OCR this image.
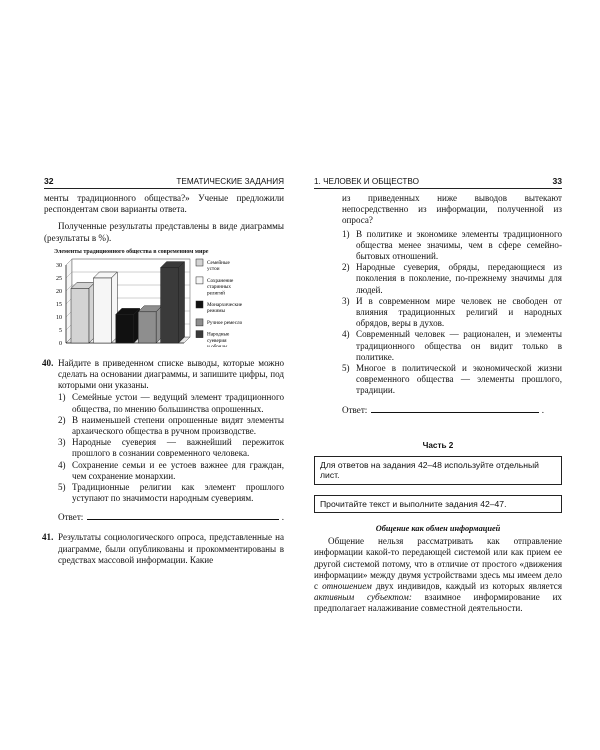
32	ТЕМАТИЧЕСКИЕ ЗАДАНИЯ

менты традиционного общества?» Ученые предложили респондентам свои варианты ответа.

Полученные результаты представлены в виде диаграммы (результаты в %).

Элементы традиционного общества в современном мире
0
5
10
15
20
25
30	Семейные устои
Сохранение старинных религий
Монархические режимы
Ручное ремесло
Народные суеверия и обряды
40. Найдите в приведенном списке выводы, которые можно сделать на основании диаграммы, и запишите цифры, под которыми они указаны.

1) Семейные устои — ведущий элемент традиционного общества, по мнению большинства опрошенных.
2) В наименьшей степени опрошенные видят элементы архаического общества в ручном производстве.
3) Народные суеверия — важнейший пережиток прошлого в сознании современного человека.
4) Сохранение семьи и ее устоев важнее для граждан, чем сохранение монархии.
5) Традиционные религии как элемент прошлого уступают по значимости народным суевериям.
Ответ:	.
41. Результаты социологического опроса, представленные на диаграмме, были опубликованы и прокомментированы в средствах массовой информации. Какие

1. ЧЕЛОВЕК И ОБЩЕСТВО	33

из приведенных ниже выводов вытекают непосредственно из информации, полученной из опроса?

1) В политике и экономике элементы традиционного общества менее значимы, чем в сфере семейно-бытовых отношений.
2) Народные суеверия, обряды, передающиеся из поколения в поколение, по-прежнему значимы для людей.
3) И в современном мире человек не свободен от влияния традиционных религий и народных обрядов, веры в духов.
4) Современный человек — рационален, и элементы традиционного общества он видит только в политике.
5) Многое в политической и экономической жизни современного общества — элементы прошлого, традиции.
Ответ:	.
Часть 2
Для ответов на задания 42–48 используйте отдельный лист.
Прочитайте текст и выполните задания 42–47.
Общение как обмен информацией

Общение нельзя рассматривать как отправление информации какой-то передающей системой или как прием ее другой системой потому, что в отличие от простого «движения информации» между двумя устройствами здесь мы имеем дело с отношением двух индивидов, каждый из которых является активным субъектом: взаимное информирование их предполагает налаживание совместной деятельности.
